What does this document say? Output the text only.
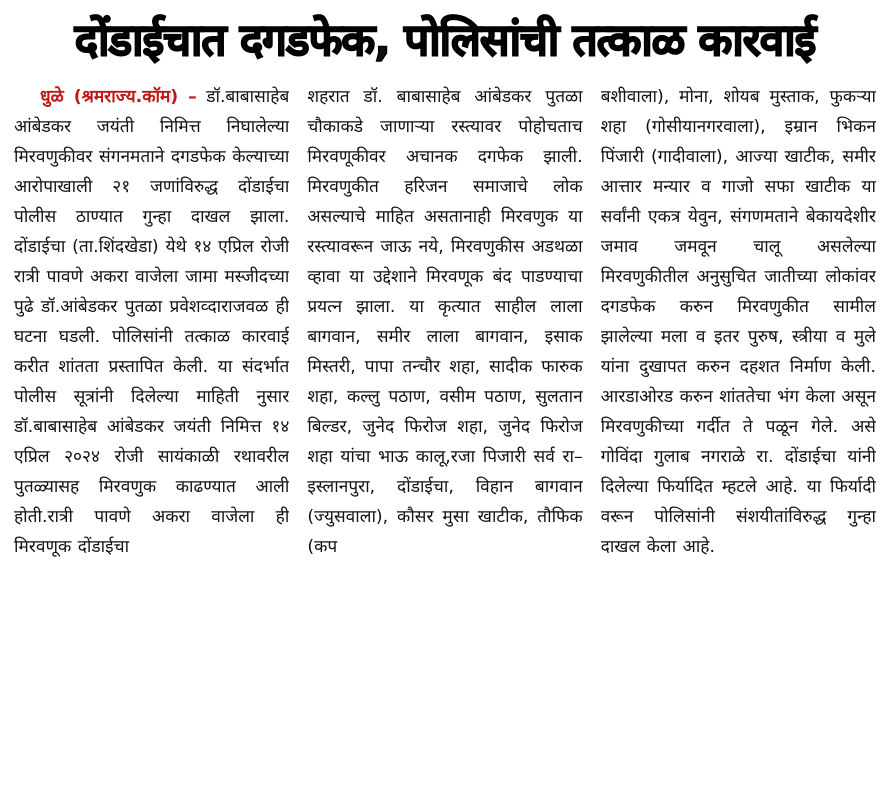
दोंडाईचात दगडफेक, पोलिसांची तत्काळ कारवाई

धुळे (श्रमराज्य.कॉम) – डॉ.बाबासाहेब आंबेडकर जयंती निमित्त निघालेल्या मिरवणुकीवर संगनमताने दगडफेक केल्याच्या आरोपाखाली २१ जणांविरुद्ध दोंडाईचा पोलीस ठाण्यात गुन्हा दाखल झाला. दोंडाईचा (ता.शिंदखेडा) येथे १४ एप्रिल रोजी रात्री पावणे अकरा वाजेला जामा मस्जीदच्या पुढे डॉ.आंबेडकर पुतळा प्रवेशव्दाराजवळ ही घटना घडली. पोलिसांनी तत्काळ कारवाई करीत शांतता प्रस्तापित केली. या संदर्भात पोलीस सूत्रांनी दिलेल्या माहिती नुसार डॉ.बाबासाहेब आंबेडकर जयंती निमित्त १४ एप्रिल २०२४ रोजी सायंकाळी रथावरील पुतळ्यासह मिरवणुक काढण्यात आली होती.रात्री पावणे अकरा वाजेला ही मिरवणूक दोंडाईचा

शहरात डॉ. बाबासाहेब आंबेडकर पुतळा चौकाकडे जाणाऱ्या रस्त्यावर पोहोचताच मिरवणूकीवर अचानक दगफेक झाली. मिरवणुकीत हरिजन समाजाचे लोक असल्याचे माहित असतानाही मिरवणुक या रस्त्यावरून जाऊ नये, मिरवणुकीस अडथळा व्हावा या उद्देशाने मिरवणूक बंद पाडण्याचा प्रयत्न झाला. या कृत्यात साहील लाला बागवान, समीर लाला बागवान, इसाक मिस्तरी, पापा तन्चौर शहा, सादीक फारुक शहा, कल्लु पठाण, वसीम पठाण, सुलतान बिल्डर, जुनेद फिरोज शहा, जुनेद फिरोज शहा यांचा भाऊ कालू,रजा पिजारी सर्व रा– इस्लानपुरा, दोंडाईचा, विहान बागवान (ज्युसवाला), कौसर मुसा खाटीक, तौफिक (कप

बशीवाला), मोना, शोयब मुस्ताक, फुकऱ्या शहा (गोसीयानगरवाला), इम्रान भिकन पिंजारी (गादीवाला), आज्या खाटीक, समीर आत्तार मन्यार व गाजो सफा खाटीक या सर्वांनी एकत्र येवुन, संगणमताने बेकायदेशीर जमाव जमवून चालू असलेल्या मिरवणुकीतील अनुसुचित जातीच्या लोकांवर दगडफेक करुन मिरवणुकीत सामील झालेल्या मला व इतर पुरुष, स्त्रीया व मुले यांना दुखापत करुन दहशत निर्माण केली. आरडाओरड करुन शांततेचा भंग केला असून मिरवणुकीच्या गर्दीत ते पळून गेले. असे गोविंदा गुलाब नगराळे रा. दोंडाईचा यांनी दिलेल्या फिर्यादित म्हटले आहे. या फिर्यादी वरून पोलिसांनी संशयीतांविरुद्ध गुन्हा दाखल केला आहे.
